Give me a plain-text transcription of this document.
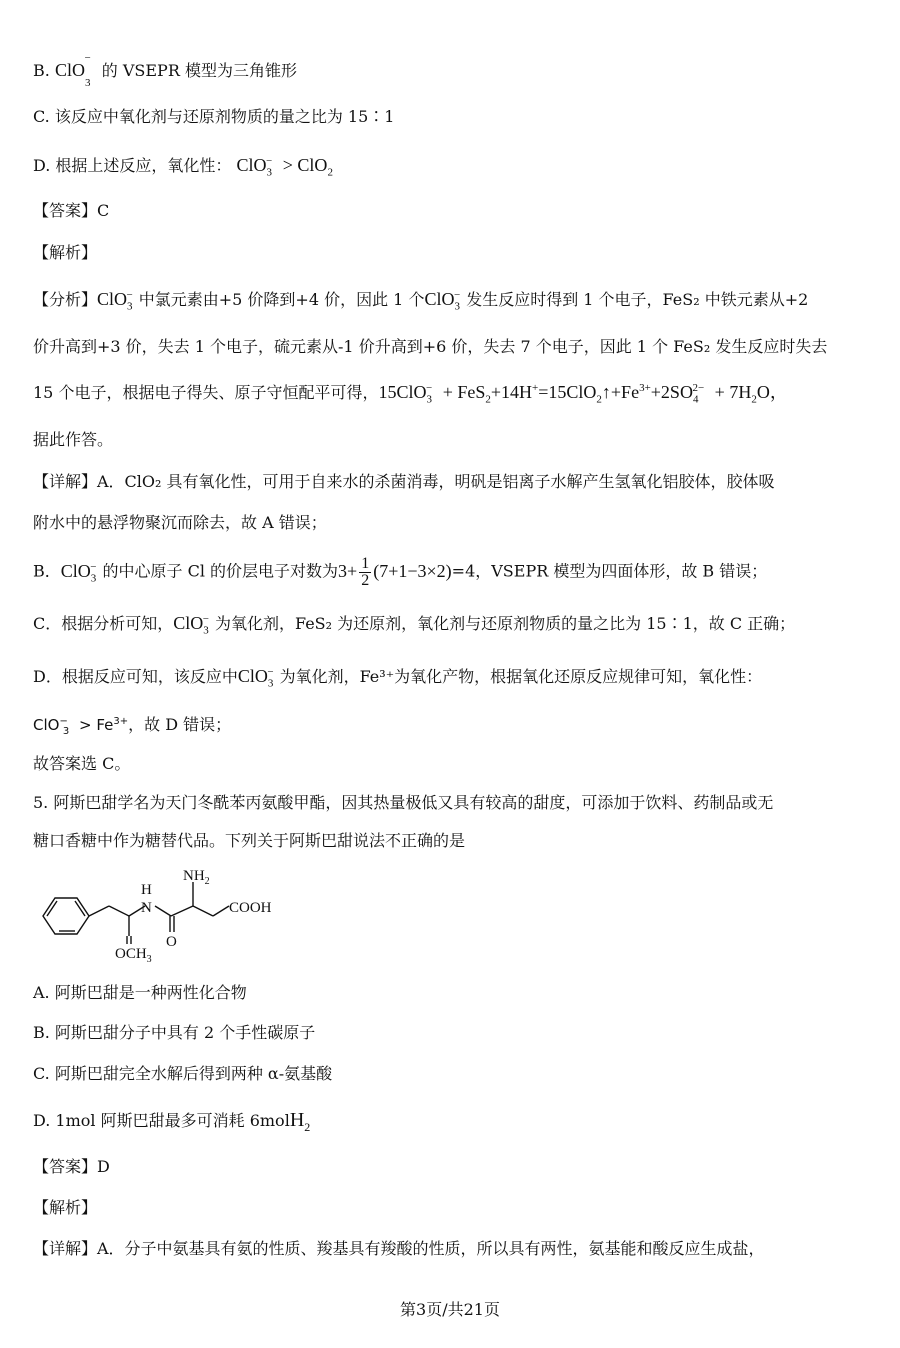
B. ClO$_3$− 的 VSEPR 模型为三角锥形
C. 该反应中氧化剂与还原剂物质的量之比为 15∶1
D. 根据上述反应，氧化性： ClO$_3$− > ClO$_2$
【答案】C
【解析】
【分析】ClO$_3$− 中氯元素由+5 价降到+4 价，因此 1 个ClO$_3$− 发生反应时得到 1 个电子，FeS₂ 中铁元素从+2
价升高到+3 价，失去 1 个电子，硫元素从-1 价升高到+6 价，失去 7 个电子，因此 1 个 FeS₂ 发生反应时失去
15 个电子，根据电子得失、原子守恒配平可得，$15ClO_3^- + FeS_2+14H^+=15ClO_2↑+Fe^{3+}+2SO_4^{2-} + 7H_2O$，
据此作答。
【详解】A．ClO₂ 具有氧化性，可用于自来水的杀菌消毒，明矾是铝离子水解产生氢氧化铝胶体，胶体吸
附水中的悬浮物聚沉而除去，故 A 错误；
B．ClO$_3$− 的中心原子 Cl 的价层电子对数为$3+ \frac{1}{2} (7+1-3\times 2)=4$，VSEPR 模型为四面体形，故 B 错误；
C．根据分析可知，ClO$_3$− 为氧化剂，FeS₂ 为还原剂，氧化剂与还原剂物质的量之比为 15∶1，故 C 正确；
D．根据反应可知，该反应中ClO$_3$− 为氧化剂，Fe³⁺为氧化产物，根据氧化还原反应规律可知，氧化性：
$ClO^-_3 > Fe^{3+}$，故 D 错误；
故答案选 C。
5. 阿斯巴甜学名为天门冬酰苯丙氨酸甲酯，因其热量极低又具有较高的甜度，可添加于饮料、药制品或无
糖口香糖中作为糖替代品。下列关于阿斯巴甜说法不正确的是
H
N
$NH_2$
COOH
O
$OCH_3$
A. 阿斯巴甜是一种两性化合物
B. 阿斯巴甜分子中具有 2 个手性碳原子
C. 阿斯巴甜完全水解后得到两种 α-氨基酸
D. 1mol 阿斯巴甜最多可消耗 6molH$_2$
【答案】D
【解析】
【详解】A．分子中氨基具有氨的性质、羧基具有羧酸的性质，所以具有两性，氨基能和酸反应生成盐，
第3页/共21页
